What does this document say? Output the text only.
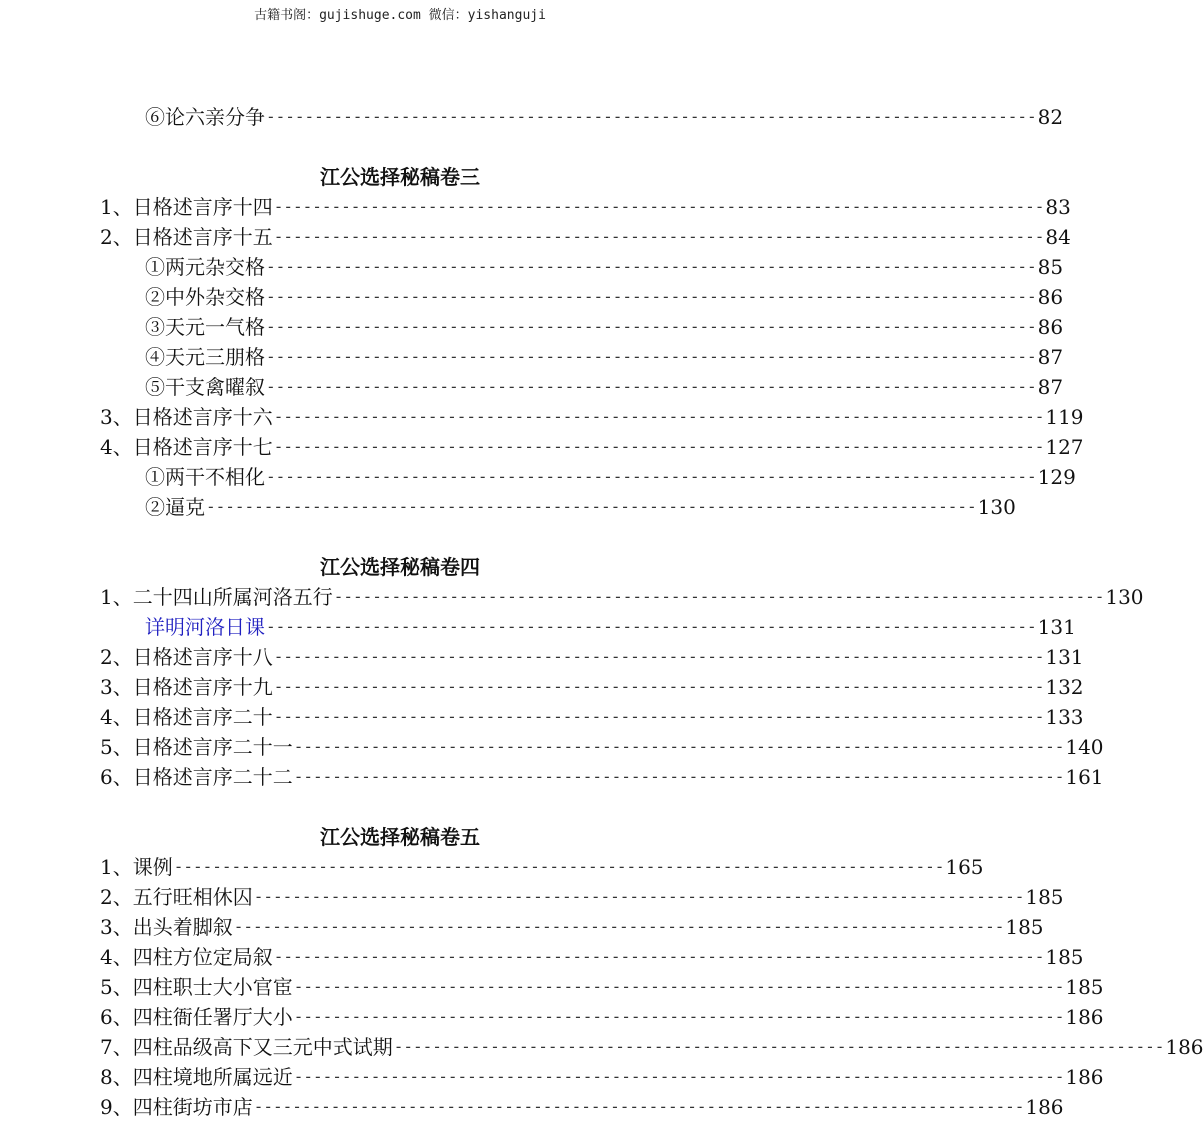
古籍书阁：gujishuge.com 微信：yishanguji
⑥论六亲分争 -------------------------------------------------------------------------------- 82
江公选择秘稿卷三
1、 日格述言序十四 -------------------------------------------------------------------------------- 83
2、 日格述言序十五 -------------------------------------------------------------------------------- 84
①两元杂交格 -------------------------------------------------------------------------------- 85
②中外杂交格 -------------------------------------------------------------------------------- 86
③天元一气格 -------------------------------------------------------------------------------- 86
④天元三朋格 -------------------------------------------------------------------------------- 87
⑤干支禽曜叙 -------------------------------------------------------------------------------- 87
3、 日格述言序十六 -------------------------------------------------------------------------------- 119
4、 日格述言序十七 -------------------------------------------------------------------------------- 127
①两干不相化 -------------------------------------------------------------------------------- 129
②逼克 -------------------------------------------------------------------------------- 130
江公选择秘稿卷四
1、 二十四山所属河洛五行 -------------------------------------------------------------------------------- 130
详明河洛日课 -------------------------------------------------------------------------------- 131
2、 日格述言序十八 -------------------------------------------------------------------------------- 131
3、 日格述言序十九 -------------------------------------------------------------------------------- 132
4、 日格述言序二十 -------------------------------------------------------------------------------- 133
5、 日格述言序二十一 -------------------------------------------------------------------------------- 140
6、 日格述言序二十二 -------------------------------------------------------------------------------- 161
江公选择秘稿卷五
1、 课例 -------------------------------------------------------------------------------- 165
2、 五行旺相休囚 -------------------------------------------------------------------------------- 185
3、 出头着脚叙 -------------------------------------------------------------------------------- 185
4、 四柱方位定局叙 -------------------------------------------------------------------------------- 185
5、 四柱职士大小官宦 -------------------------------------------------------------------------------- 185
6、 四柱衙任署厅大小 -------------------------------------------------------------------------------- 186
7、 四柱品级高下又三元中式试期 -------------------------------------------------------------------------------- 186
8、 四柱境地所属远近 -------------------------------------------------------------------------------- 186
9、 四柱街坊市店 -------------------------------------------------------------------------------- 186
